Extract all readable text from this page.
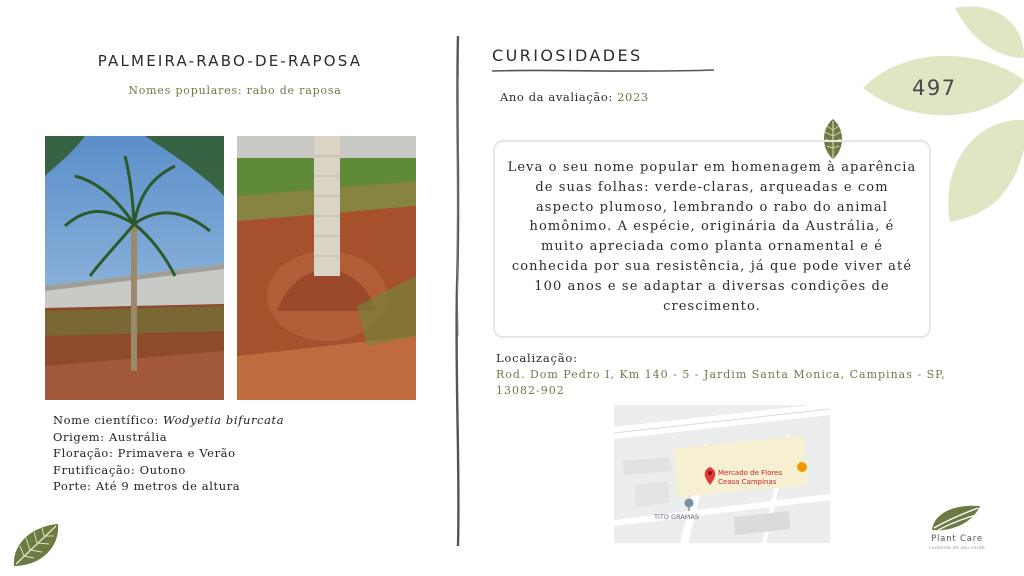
PALMEIRA-RABO-DE-RAPOSA
Nomes populares: rabo de raposa
Nome científico: Wodyetia bifurcata
Origem: Austrália
Floração: Primavera e Verão
Frutificação: Outono
Porte: Até 9 metros de altura
CURIOSIDADES
Ano da avaliação: 2023
Leva o seu nome popular em homenagem à aparência de suas folhas: verde-claras, arqueadas e com aspecto plumoso, lembrando o rabo do animal homônimo. A espécie, originária da Austrália, é muito apreciada como planta ornamental e é conhecida por sua resistência, já que pode viver até 100 anos e se adaptar a diversas condições de crescimento.
Localização:
Rod. Dom Pedro I, Km 140 - 5 - Jardim Santa Monica, Campinas - SP, 13082-902
Mercado de Flores
Ceasa Campinas
TITO GRAMAS
497
Plant Care
cuidando do seu verde
